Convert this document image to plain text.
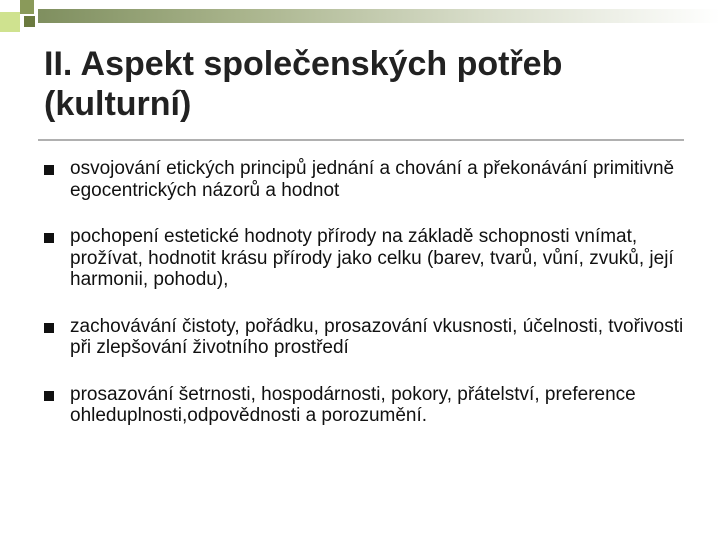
II. Aspekt společenských potřeb
(kulturní)
osvojování etických principů jednání a chování a překonávání primitivně egocentrických názorů a hodnot
pochopení estetické hodnoty přírody na základě schopnosti vnímat, prožívat, hodnotit krásu přírody jako celku (barev, tvarů, vůní, zvuků, její harmonii, pohodu),
zachovávání čistoty, pořádku, prosazování vkusnosti, účelnosti, tvořivosti při zlepšování životního prostředí
prosazování šetrnosti, hospodárnosti, pokory, přátelství, preference ohleduplnosti,odpovědnosti a porozumění.
